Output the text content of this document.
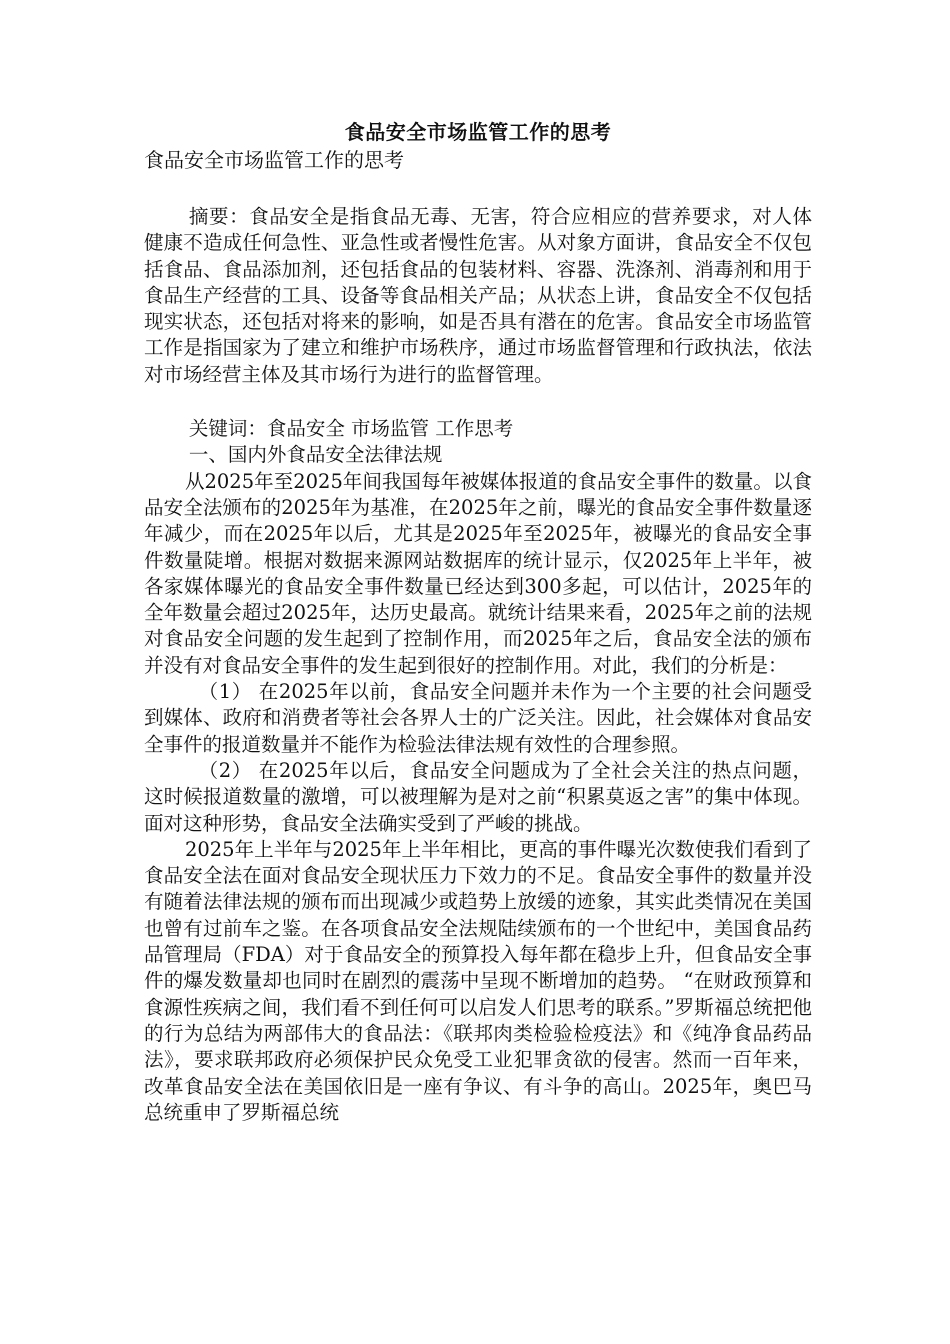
食品安全市场监管工作的思考

食品安全市场监管工作的思考

摘要：食品安全是指食品无毒、无害，符合应相应的营养要求，对人体健康不造成任何急性、亚急性或者慢性危害。从对象方面讲，食品安全不仅包括食品、食品添加剂，还包括食品的包装材料、容器、洗涤剂、消毒剂和用于食品生产经营的工具、设备等食品相关产品；从状态上讲，食品安全不仅包括现实状态，还包括对将来的影响，如是否具有潜在的危害。食品安全市场监管工作是指国家为了建立和维护市场秩序，通过市场监督管理和行政执法，依法对市场经营主体及其市场行为进行的监督管理。

关键词：食品安全 市场监管 工作思考

一、国内外食品安全法律法规

从2025年至2025年间我国每年被媒体报道的食品安全事件的数量。以食品安全法颁布的2025年为基准，在2025年之前，曝光的食品安全事件数量逐年减少，而在2025年以后，尤其是2025年至2025年，被曝光的食品安全事件数量陡增。根据对数据来源网站数据库的统计显示，仅2025年上半年，被各家媒体曝光的食品安全事件数量已经达到300多起，可以估计，2025年的全年数量会超过2025年，达历史最高。就统计结果来看，2025年之前的法规对食品安全问题的发生起到了控制作用，而2025年之后，食品安全法的颁布并没有对食品安全事件的发生起到很好的控制作用。对此，我们的分析是：

（1） 在2025年以前，食品安全问题并未作为一个主要的社会问题受到媒体、政府和消费者等社会各界人士的广泛关注。因此，社会媒体对食品安全事件的报道数量并不能作为检验法律法规有效性的合理参照。

（2） 在2025年以后，食品安全问题成为了全社会关注的热点问题，这时候报道数量的激增，可以被理解为是对之前“积累莫返之害”的集中体现。面对这种形势，食品安全法确实受到了严峻的挑战。

2025年上半年与2025年上半年相比，更高的事件曝光次数使我们看到了食品安全法在面对食品安全现状压力下效力的不足。食品安全事件的数量并没有随着法律法规的颁布而出现减少或趋势上放缓的迹象，其实此类情况在美国也曾有过前车之鉴。在各项食品安全法规陆续颁布的一个世纪中，美国食品药品管理局（FDA）对于食品安全的预算投入每年都在稳步上升，但食品安全事件的爆发数量却也同时在剧烈的震荡中呈现不断增加的趋势。 “在财政预算和食源性疾病之间，我们看不到任何可以启发人们思考的联系。”罗斯福总统把他的行为总结为两部伟大的食品法：《联邦肉类检验检疫法》和《纯净食品药品法》，要求联邦政府必须保护民众免受工业犯罪贪欲的侵害。然而一百年来，改革食品安全法在美国依旧是一座有争议、有斗争的高山。2025年，奥巴马总统重申了罗斯福总统
